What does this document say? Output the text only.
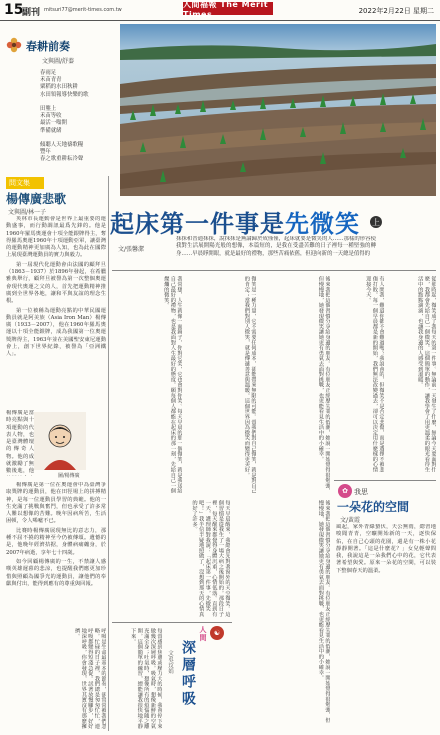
15
副刊 mitsuri77@merit-times.com.tw
人間福報 The Merit Times	2022年2月22日 星期二
春耕前奏
文與圖/舒蓁
春雨足
禾苗青青
粟稻的水田秋耕
水田領報導快樂的歌

田壟上
禾苗等收
最活一嗡開
準備就緒

傾聽人天地禱歌糧
豐年
春之歌重耕耘冷聲
問文集
楊傳廣悲歌
文與圖/林一子

英林市長運動會是世界上最重要的運動盛事，而行動調訊最爲先鋒的。他是1960年羅馬奧運會十項全能銀牌得主，奪得羅馬奧運1960年十項運動亞軍，讓臺灣的運動精神更加廣為人知，也為此在國際上展現臺灣運動員的實力與毅力。

第一屆現代化運動會由法國的顧拜旦（1863－1937）於1896年發起，在希臘雅典舉行，顧拜旦被譽為第一次整個奧運會現代奧運之父的人，首先把運動精神推廣到全世界各地，讓和平與友誼的理念生根。

第一位被稱為運動亮點的中華民國運動員就是阿美族（Asia Iron Man）楊傳廣（1933－2007），他在1960年羅馬奧運以十項全能銀牌，成為我國第一位奧運獎牌得主，1963年並在美國聖安東尼運動會上，創下世界紀錄，被譽為「亞洲鐵人」。

楊傳廣是當時亮點與十項運動的代表人物，也是臺灣體壇的傳奇人物。他的成就激勵了無數後進，他
圖/楊傳廣

楊傳廣是第一位在奧運會中為臺灣爭取獎牌的運動員，他在田徑場上的拼搏精神，是每一位運動員學習的典範。他的一生充滿了挑戰與奮鬥，但也承受了許多常人難以想像的苦難。晚年因病所苦，生活困頓，令人唏噓不已。

比賽時楊傳廣展現無比的意志力，那種不屈不撓的精神至今仍被傳頌。遺憾的是，他晚年經濟拮据，身體病痛纏身，於2007年病逝，享年七十四歲。

如今回顧楊傳廣的一生，不禁讓人感嘆英雄遲暮的悲涼，也提醒我們應更加珍惜與照顧為國爭光的運動員，讓他們的奉獻與付出，能得到應有的尊重與回報。

起床第一件事是先微笑 上
文/張馨潔
抹抹和普通抹抹，說抹抹是無論歸於成僅僅，起床就要是微笑的人……那樣的形容使我對生活展開陽光般的想像，本篇短的，是我在受盡苦難的日子裡每一種堅強的轉身……早晨睜開眼，就是最好的禮物，那些苦痛依舊，但迎向新的一天總是值得的
我常想，人生就像一面鏡子，你對它笑，它也會對你笑。每天早晨的那一個微笑，就是我送給自己最好的禮物，也是我面對人生最好的態度。願每個人都能在起床的那一刻，先給自己一個燦爛的微笑。	微笑是一種力量，它不需要任何成本，卻能帶來無限的可能。當我們對自己微笑，就是對自己的肯定；當我們對別人微笑，就是傳遞善意與溫暖。這個世界因為微笑而變得更美好。	後來我把這個習慣分享給身邊的朋友。有位朋友正經歷失業的低潮，她說一開始覺得很勉強，但慢慢地，她發現微笑讓她更有勇氣去面對挑戰，也更能看見生活中的小確幸。	有人問我，難道你都不會難過嗎？我說會的，但微笑不是否定悲傷，而是選擇不被悲傷打敗。每一個早晨都是新的開始，我們無法改變過去，卻可以決定用什麼樣的心情迎接今天。	從那時起，微笑成了我每天的第一件事。無論前一天發生了什麼，無論今天要面對什麼，我都會先給自己一個微笑。這個簡單的動作，讓我學會了用更溫柔的眼光看待生活中的點點滴滴，也讓我身邊的人感受到溫暖。
每天早晨醒來，我總會先對著窗外的天空微笑。這個習慣是從我生了一場大病之後開始的。那段日子裡，每天醒來都覺得身體沉重，心情低落。直到有一天，護理師對我說：「起床第一件事，先微笑吧！」我半信半疑地照做了，沒想到那天的心情真的好了許多。	後來我把這個習慣分享給身邊的朋友。有位朋友正經歷失業的低潮，她說一開始覺得很勉強，但慢慢地，她發現微笑讓她更有勇氣去面對挑戰，也更能看見生活中的小確幸。
✿ 我思
一朵花的空間
文/黃霞
風起，家外青綠蟄伏，天公無雨，總習地嗅聞青青，空曠開始新的一天，逐快保佑，在自己心頭的花園，還是有一株小花靜靜開著。「這是什麼花？」女兒輕聲問我，我說這是一朵我們心中的花，它代表著希望與愛。原來一朵花的空間，可以裝下整個春天的溫柔。
☯
人間
深層呼吸
文/吳玟娟
每當感到焦慮或壓力大的時候，我會停下來做幾次深層呼吸。吸氣時，想像新鮮的空氣充滿全身；吐氣時，想像所有的煩惱隨之離開。這個簡單的練習，總能讓我很快地平靜下來。
呼吸是生命最基本的節奏，卻常常被我們忽略。忙碌的日子裡，我們總是匆匆忙忙，連呼吸都變得短淺急促。試著放慢腳步，好好地深呼吸，你會發現，世界其實沒有那麼擁擠。
